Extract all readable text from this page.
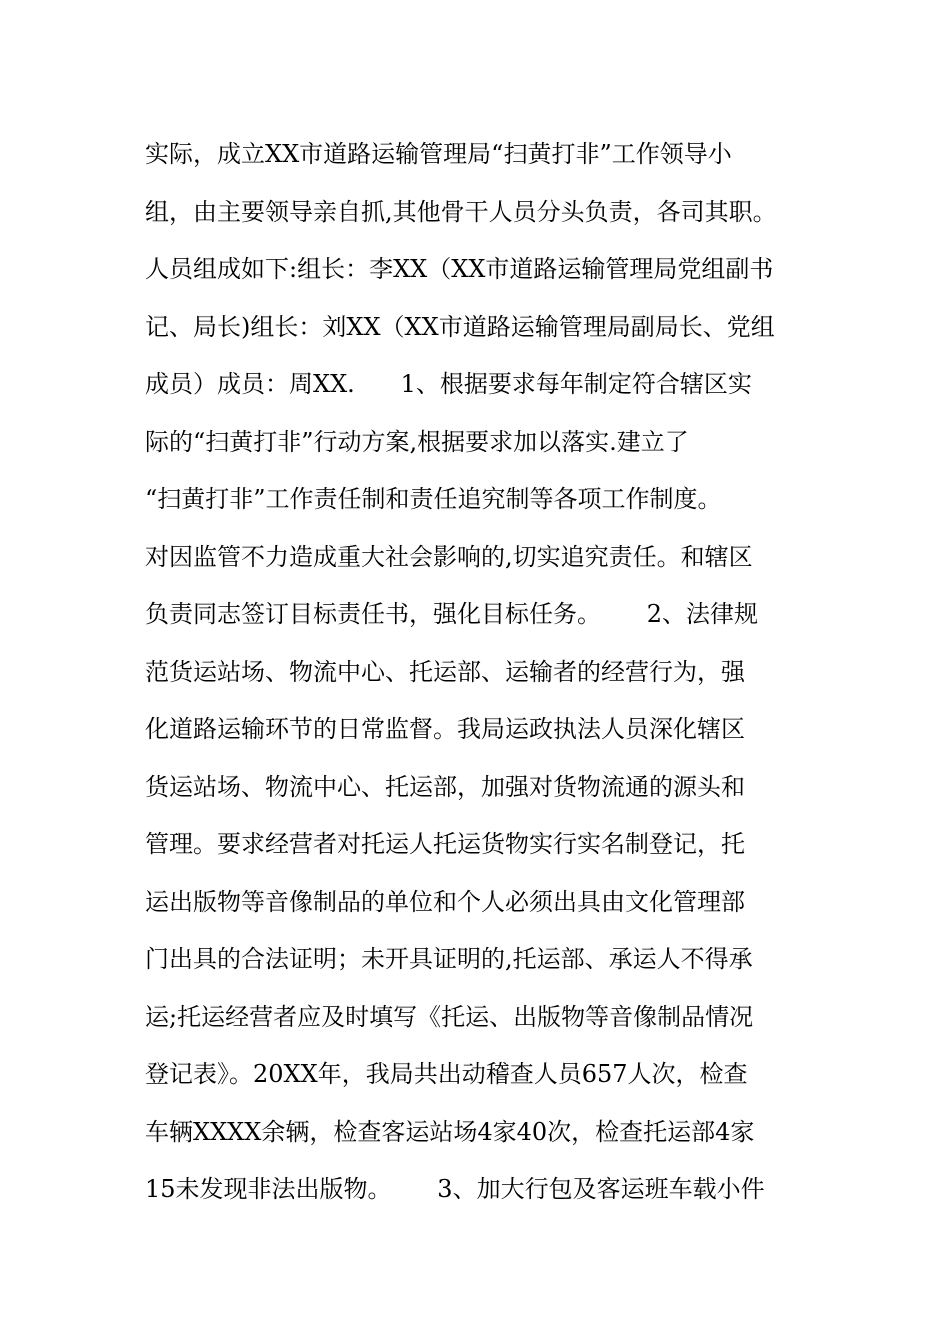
实际，成立XX市道路运输管理局“扫黄打非”工作领导小
组，由主要领导亲自抓,其他骨干人员分头负责，各司其职。
人员组成如下:组长：李XX（XX市道路运输管理局党组副书
记、局长)组长：刘XX（XX市道路运输管理局副局长、党组
成员）成员：周XX.      1、根据要求每年制定符合辖区实
际的“扫黄打非”行动方案,根据要求加以落实.建立了
“扫黄打非”工作责任制和责任追究制等各项工作制度。
对因监管不力造成重大社会影响的,切实追究责任。和辖区
负责同志签订目标责任书，强化目标任务。      2、法律规
范货运站场、物流中心、托运部、运输者的经营行为，强
化道路运输环节的日常监督。我局运政执法人员深化辖区
货运站场、物流中心、托运部，加强对货物流通的源头和
管理。要求经营者对托运人托运货物实行实名制登记，托
运出版物等音像制品的单位和个人必须出具由文化管理部
门出具的合法证明；未开具证明的,托运部、承运人不得承
运;托运经营者应及时填写《托运、出版物等音像制品情况
登记表》。20XX年，我局共出动稽查人员657人次，检查
车辆XXXX余辆，检查客运站场4家40次，检查托运部4家
15未发现非法出版物。      3、加大行包及客运班车载小件
